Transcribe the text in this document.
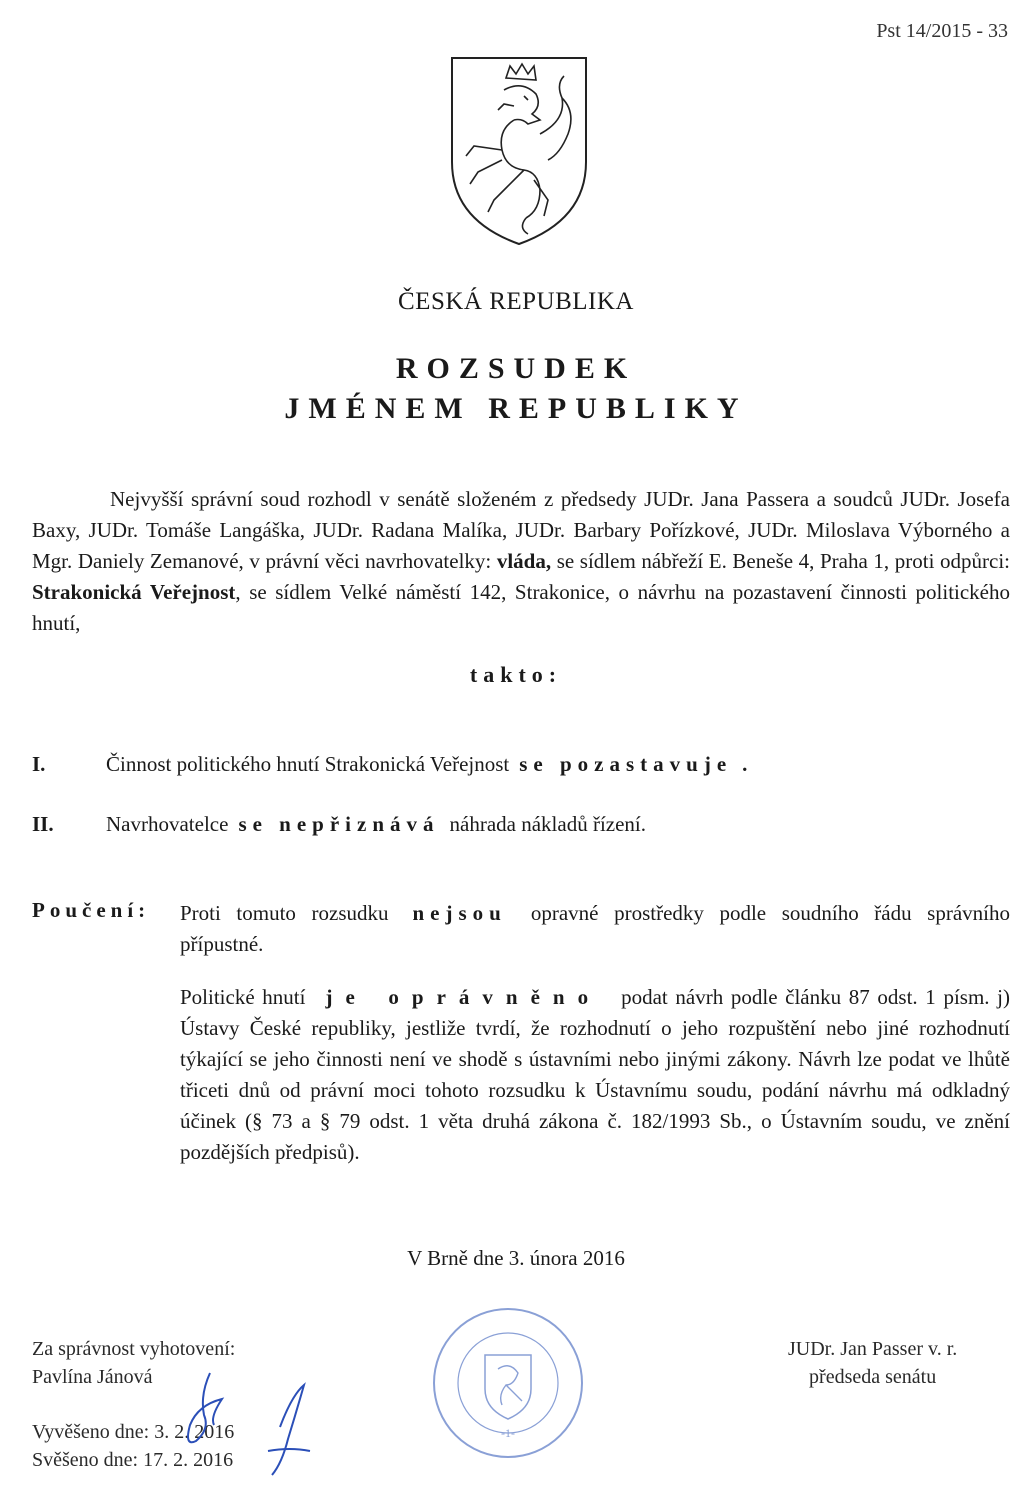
Pst 14/2015 - 33
ČESKÁ REPUBLIKA
ROZSUDEK
JMÉNEM REPUBLIKY
Nejvyšší správní soud rozhodl v senátě složeném z předsedy JUDr. Jana Passera a soudců JUDr. Josefa Baxy, JUDr. Tomáše Langáška, JUDr. Radana Malíka, JUDr. Barbary Pořízkové, JUDr. Miloslava Výborného a Mgr. Daniely Zemanové, v právní věci navrhovatelky: vláda, se sídlem nábřeží E. Beneše 4, Praha 1, proti odpůrci: Strakonická Veřejnost, se sídlem Velké náměstí 142, Strakonice, o návrhu na pozastavení činnosti politického hnutí,
takto:
I.	Činnost politického hnutí Strakonická Veřejnost se pozastavuje .
II. Navrhovatelce se nepřiznává náhrada nákladů řízení.
Poučení: Proti tomuto rozsudku nejsou opravné prostředky podle soudního řádu správního přípustné.
Politické hnutí je oprávněno podat návrh podle článku 87 odst. 1 písm. j) Ústavy České republiky, jestliže tvrdí, že rozhodnutí o jeho rozpuštění nebo jiné rozhodnutí týkající se jeho činnosti není ve shodě s ústavními nebo jinými zákony. Návrh lze podat ve lhůtě třiceti dnů od právní moci tohoto rozsudku k Ústavnímu soudu, podání návrhu má odkladný účinek (§ 73 a § 79 odst. 1 věta druhá zákona č. 182/1993 Sb., o Ústavním soudu, ve znění pozdějších předpisů).
V Brně dne 3. února 2016
Za správnost vyhotovení:
Pavlína Jánová
Vyvěšeno dne: 3. 2. 2016
Svěšeno dne: 17. 2. 2016
-1-
JUDr. Jan Passer v. r.
předseda senátu
